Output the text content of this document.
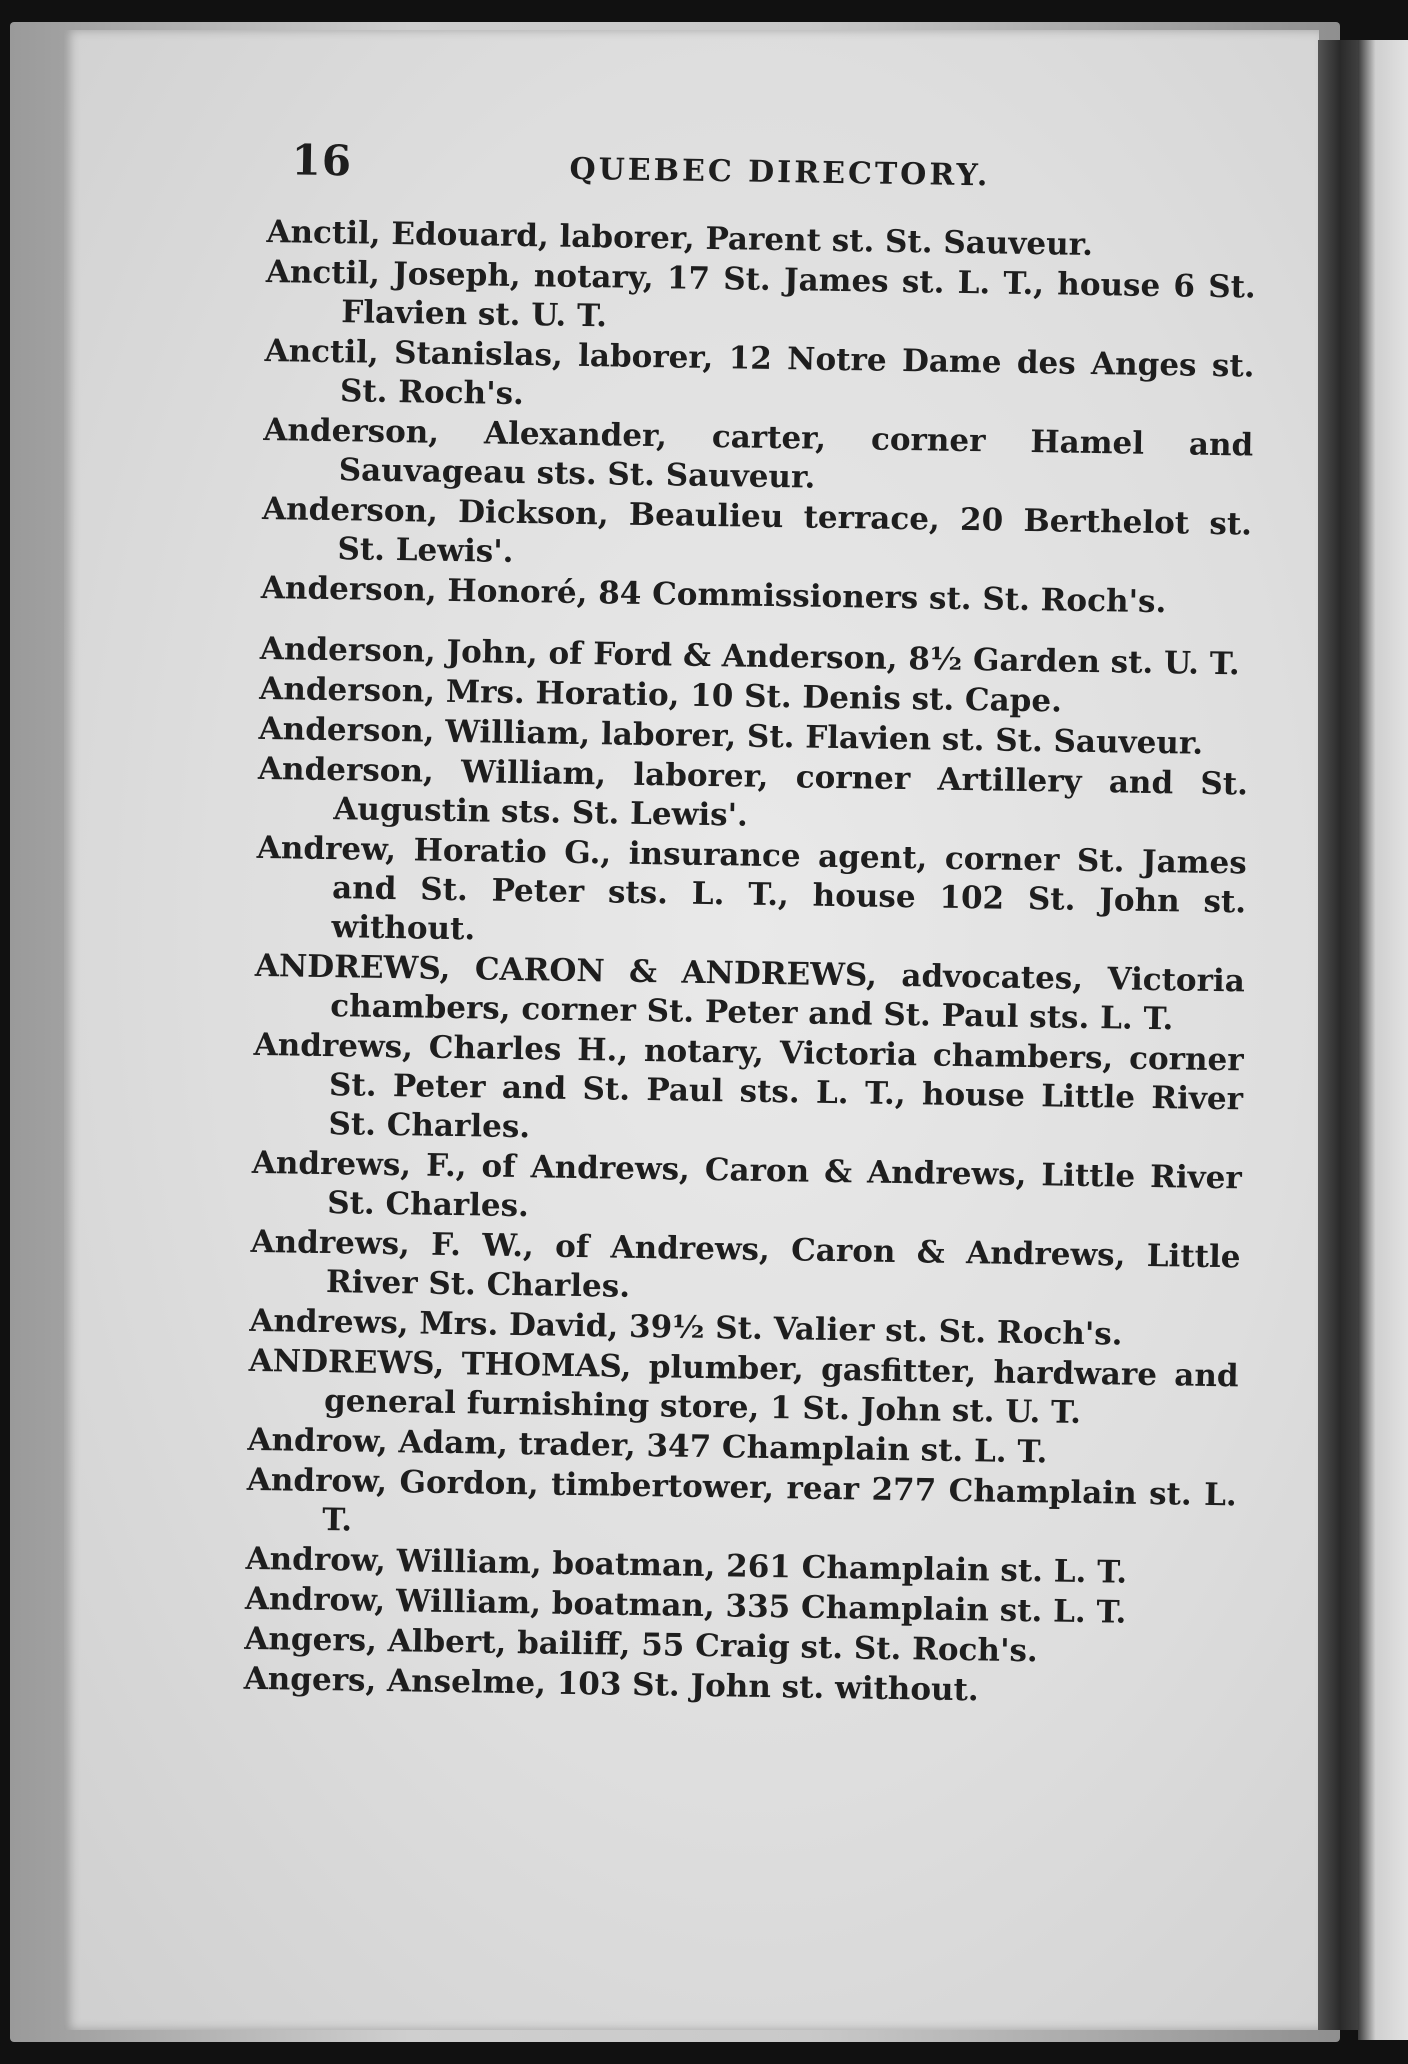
16	QUEBEC DIRECTORY.
Anctil, Edouard, laborer, Parent st. St. Sauveur.
Anctil, Joseph, notary, 17 St. James st. L. T., house 6 St. Flavien st. U. T.
Anctil, Stanislas, laborer, 12 Notre Dame des Anges st. St. Roch's.
Anderson, Alexander, carter, corner Hamel and Sauvageau sts. St. Sauveur.
Anderson, Dickson, Beaulieu terrace, 20 Berthelot st. St. Lewis'.
Anderson, Honoré, 84 Commissioners st. St. Roch's.
Anderson, John, of Ford & Anderson, 8½ Garden st. U. T.
Anderson, Mrs. Horatio, 10 St. Denis st. Cape.
Anderson, William, laborer, St. Flavien st. St. Sauveur.
Anderson, William, laborer, corner Artillery and St. Augustin sts. St. Lewis'.
Andrew, Horatio G., insurance agent, corner St. James and St. Peter sts. L. T., house 102 St. John st. without.
ANDREWS, CARON & ANDREWS, advocates, Victoria chambers, corner St. Peter and St. Paul sts. L. T.
Andrews, Charles H., notary, Victoria chambers, corner St. Peter and St. Paul sts. L. T., house Little River St. Charles.
Andrews, F., of Andrews, Caron & Andrews, Little River St. Charles.
Andrews, F. W., of Andrews, Caron & Andrews, Little River St. Charles.
Andrews, Mrs. David, 39½ St. Valier st. St. Roch's.
ANDREWS, THOMAS, plumber, gasfitter, hardware and general furnishing store, 1 St. John st. U. T.
Androw, Adam, trader, 347 Champlain st. L. T.
Androw, Gordon, timbertower, rear 277 Champlain st. L. T.
Androw, William, boatman, 261 Champlain st. L. T.
Androw, William, boatman, 335 Champlain st. L. T.
Angers, Albert, bailiff, 55 Craig st. St. Roch's.
Angers, Anselme, 103 St. John st. without.
